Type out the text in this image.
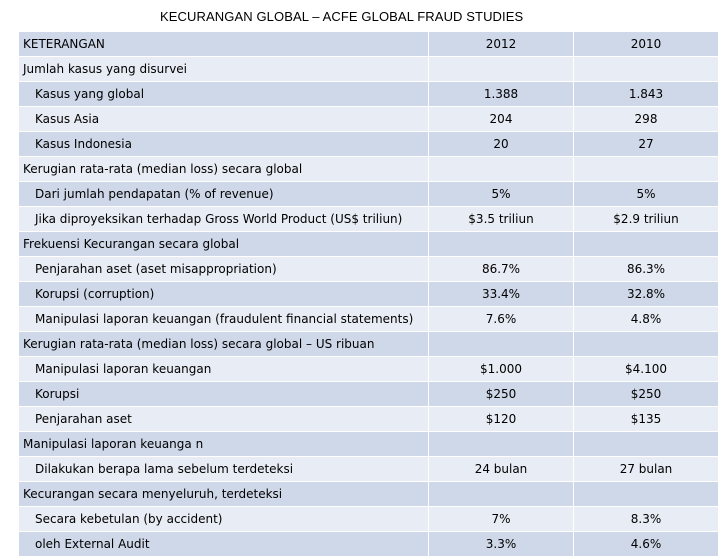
KECURANGAN GLOBAL – ACFE GLOBAL FRAUD STUDIES
KETERANGAN	2012	2010
Jumlah kasus yang disurvei		
Kasus yang global	1.388	1.843
Kasus Asia	204	298
Kasus Indonesia	20	27
Kerugian rata-rata (median loss) secara global		
Dari jumlah pendapatan (% of revenue)	5%	5%
Jika diproyeksikan terhadap Gross World Product (US$ triliun)	$3.5 triliun	$2.9 triliun
Frekuensi Kecurangan secara global		
Penjarahan aset (aset misappropriation)	86.7%	86.3%
Korupsi (corruption)	33.4%	32.8%
Manipulasi laporan keuangan (fraudulent financial statements)	7.6%	4.8%
Kerugian rata-rata (median loss) secara global – US ribuan		
Manipulasi laporan keuangan	$1.000	$4.100
Korupsi	$250	$250
Penjarahan aset	$120	$135
Manipulasi laporan keuanga n		
Dilakukan berapa lama sebelum terdeteksi	24 bulan	27 bulan
Kecurangan secara menyeluruh, terdeteksi		
Secara kebetulan (by accident)	7%	8.3%
oleh External Audit	3.3%	4.6%
